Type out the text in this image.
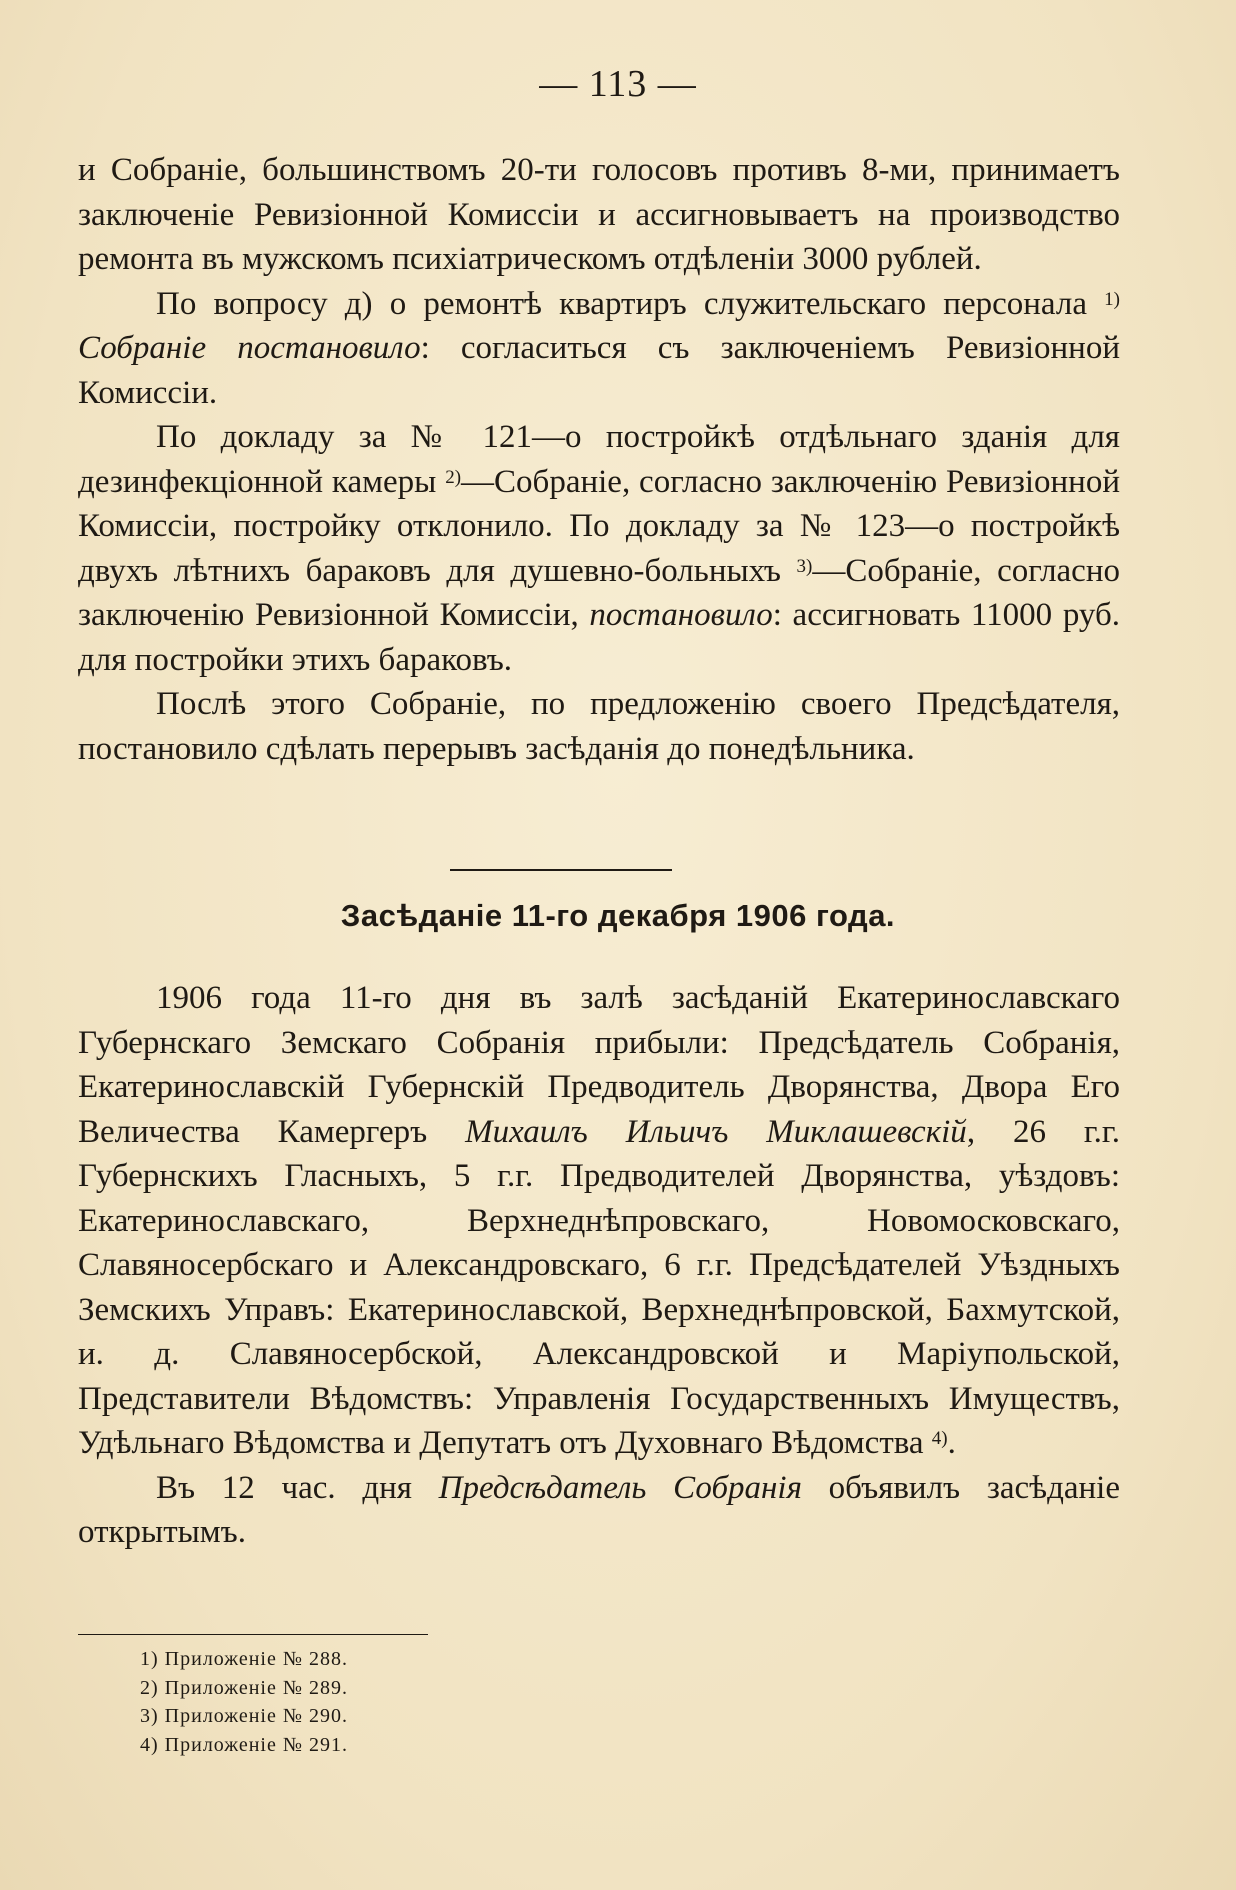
— 113 —

и Собраніе, большинствомъ 20-ти голосовъ противъ 8-ми, принимаетъ заключеніе Ревизіонной Комиссіи и ассигновываетъ на производство ремонта въ мужскомъ психіатрическомъ отдѣленіи 3000 рублей.

По вопросу д) о ремонтѣ квартиръ служительскаго персонала $^{1)}$ Собраніе постановило: согласиться съ заключеніемъ Ревизіонной Комиссіи.

По докладу за № 121—о постройкѣ отдѣльнаго зданія для дезинфекціонной камеры $^{2)}$—Собраніе, согласно заключенію Ревизіонной Комиссіи, постройку отклонило. По докладу за № 123—о постройкѣ двухъ лѣтнихъ бараковъ для душевно-больныхъ $^{3)}$—Собраніе, согласно заключенію Ревизіонной Комиссіи, постановило: ассигновать 11000 руб. для постройки этихъ бараковъ.

Послѣ этого Собраніе, по предложенію своего Предсѣдателя, постановило сдѣлать перерывъ засѣданія до понедѣльника.

Засѣданіе 11-го декабря 1906 года.

1906 года 11-го дня въ залѣ засѣданій Екатеринославскаго Губернскаго Земскаго Собранія прибыли: Предсѣдатель Собранія, Екатеринославскій Губернскій Предводитель Дворянства, Двора Его Величества Камергеръ Михаилъ Ильичъ Миклашевскій, 26 г.г. Губернскихъ Гласныхъ, 5 г.г. Предводителей Дворянства, уѣздовъ: Екатеринославскаго, Верхнеднѣпровскаго, Новомосковскаго, Славяносербскаго и Александровскаго, 6 г.г. Предсѣдателей Уѣздныхъ Земскихъ Управъ: Екатеринославской, Верхнеднѣпровской, Бахмутской, и. д. Славяносербской, Александровской и Маріупольской, Представители Вѣдомствъ: Управленія Государственныхъ Имуществъ, Удѣльнаго Вѣдомства и Депутатъ отъ Духовнаго Вѣдомства $^{4)}$.

Въ 12 час. дня Предсѣдатель Собранія объявилъ засѣданіе открытымъ.

1) Приложеніе № 288.
2) Приложеніе № 289.
3) Приложеніе № 290.
4) Приложеніе № 291.
